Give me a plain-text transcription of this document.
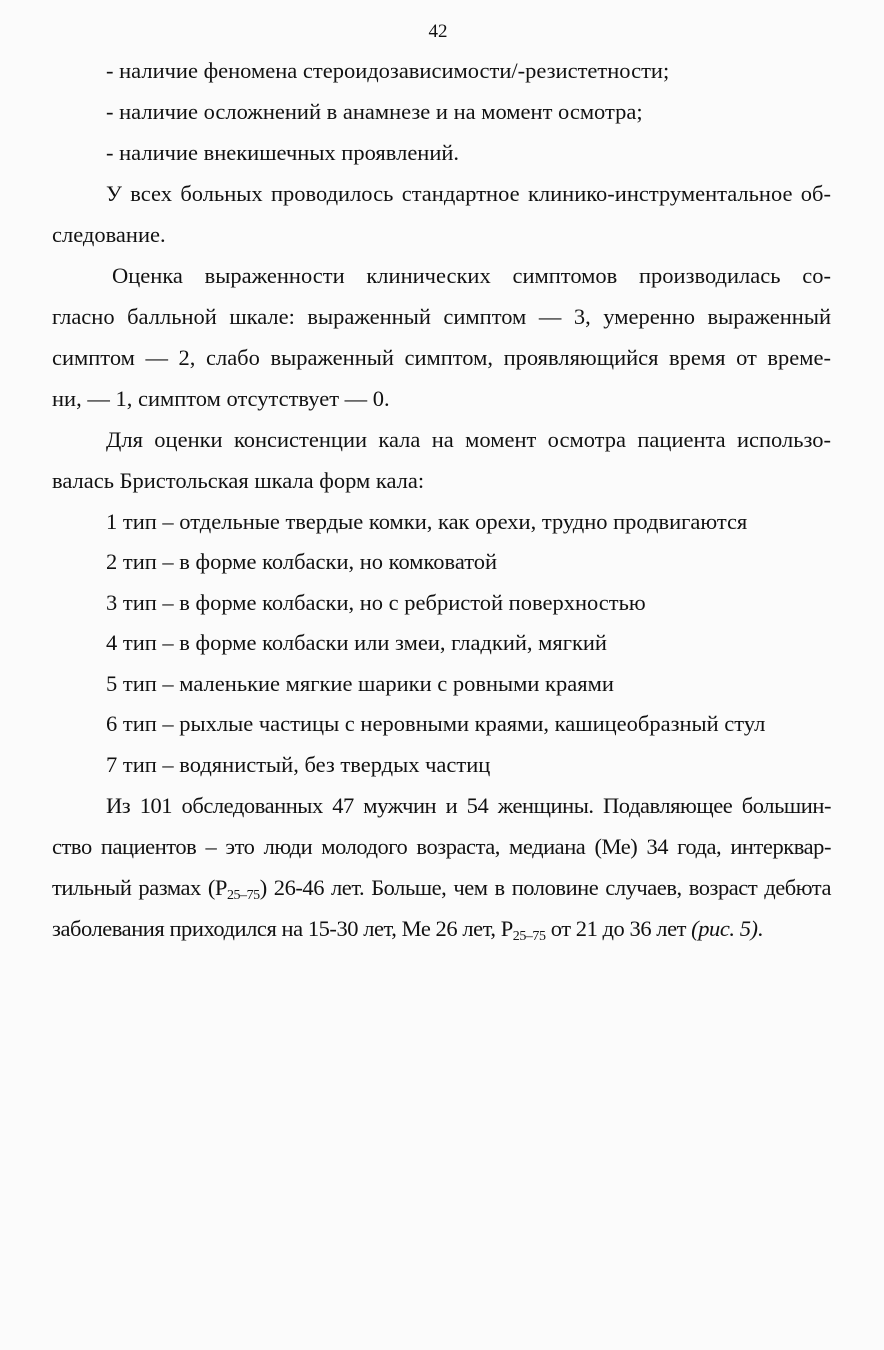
42
- наличие феномена стероидозависимости/-резистетности;
- наличие осложнений в анамнезе и на момент осмотра;
- наличие внекишечных проявлений.
У всех больных проводилось стандартное клинико-инструментальное об-
следование.
Оценка выраженности клинических симптомов производилась со-
гласно балльной шкале: выраженный симптом — 3, умеренно выраженный
симптом — 2, слабо выраженный симптом, проявляющийся время от време-
ни, — 1, симптом отсутствует — 0.
Для оценки консистенции кала на момент осмотра пациента использо-
валась Бристольская шкала форм кала:
1 тип – отдельные твердые комки, как орехи, трудно продвигаются
2 тип – в форме колбаски, но комковатой
3 тип – в форме колбаски, но с ребристой поверхностью
4 тип – в форме колбаски или змеи, гладкий, мягкий
5 тип – маленькие мягкие шарики с ровными краями
6 тип – рыхлые частицы с неровными краями, кашицеобразный стул
7 тип – водянистый, без твердых частиц
Из 101 обследованных 47 мужчин и 54 женщины. Подавляющее большин-
ство пациентов – это люди молодого возраста, медиана (Ме) 34 года, интерквар-
тильный размах $(P_{25-75})$ 26-46 лет. Больше, чем в половине случаев, возраст дебюта
заболевания приходился на 15-30 лет, Ме 26 лет, $P_{25-75}$ от 21 до 36 лет (рис. 5).
